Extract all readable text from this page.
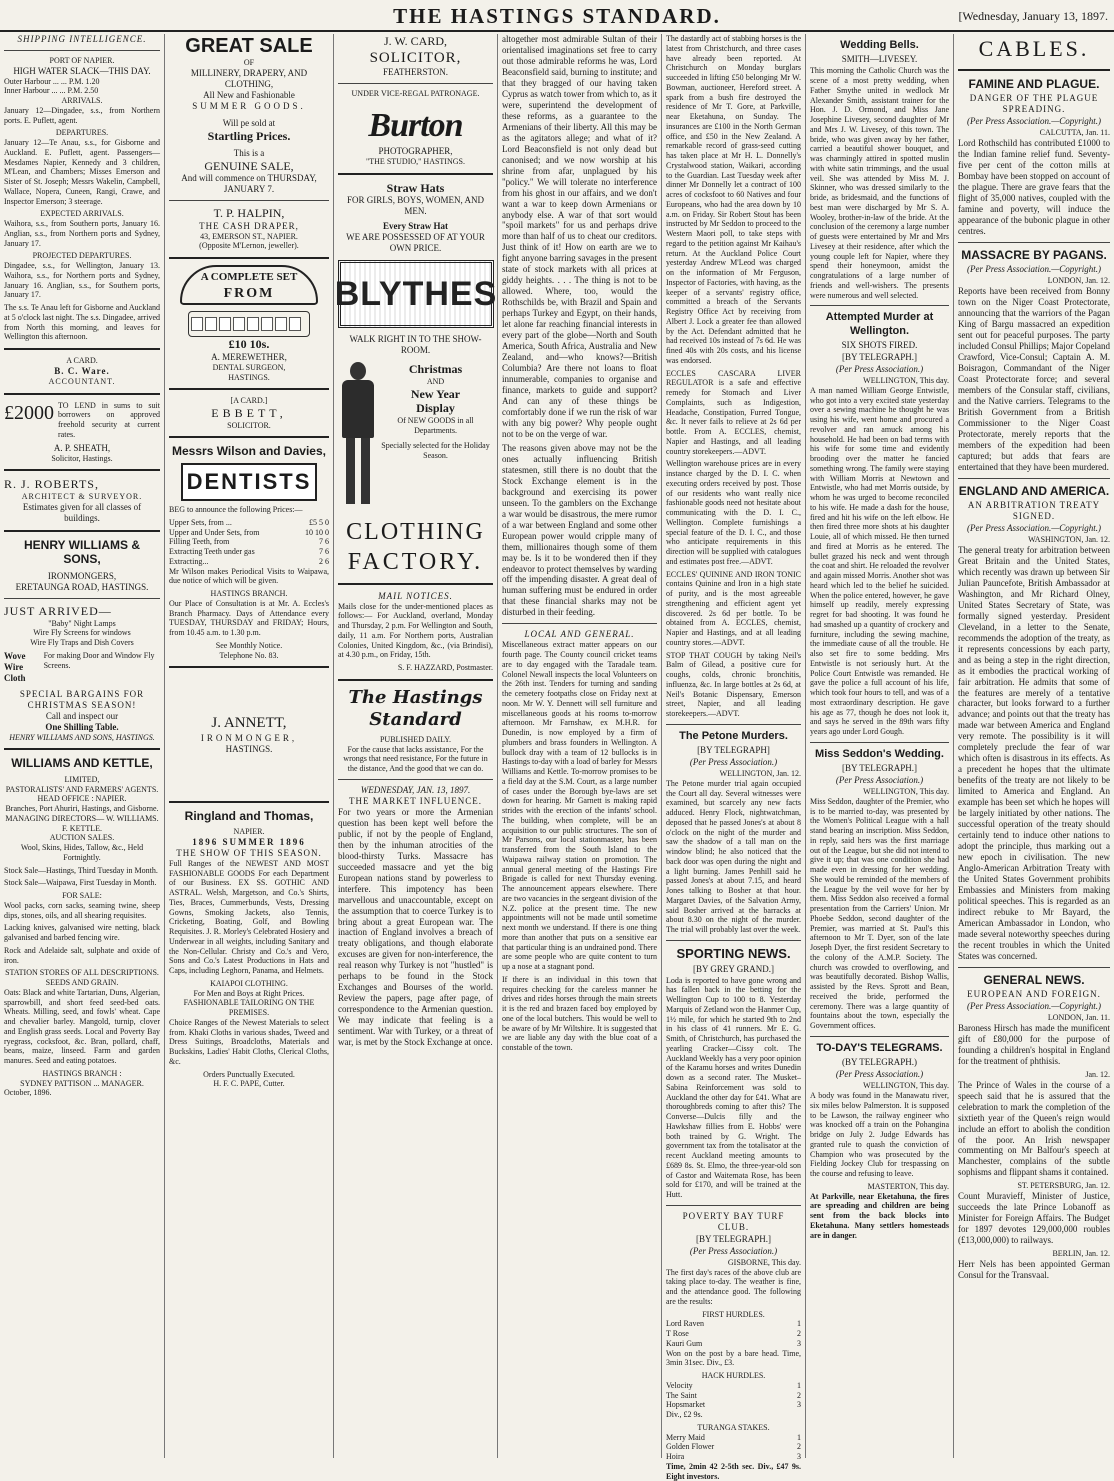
THE HASTINGS STANDARD.	[Wednesday, January 13, 1897.
SHIPPING INTELLIGENCE.
PORT OF NAPIER.
HIGH WATER SLACK—THIS DAY.
Outer Harbour ... ... P.M. 1.20
Inner Harbour ... ... P.M. 2.50
ARRIVALS.

January 12—Dingadee, s.s., from Northern ports. E. Puflett, agent.

DEPARTURES.

January 12—Te Anau, s.s., for Gisborne and Auckland. E. Puflett, agent. Passengers—Mesdames Napier, Kennedy and 3 children, M'Lean, and Chambers; Misses Emerson and Sister of St. Joseph; Messrs Wakelin, Campbell, Wallace, Nopera, Cuneen, Rangi, Crawe, and Inspector Emerson; 3 steerage.

EXPECTED ARRIVALS.

Waihora, s.s., from Southern ports, January 16. Anglian, s.s., from Northern ports and Sydney, January 17.

PROJECTED DEPARTURES.

Dingadee, s.s., for Wellington, January 13. Waihora, s.s., for Northern ports and Sydney, January 16. Anglian, s.s., for Southern ports, January 17.

The s.s. Te Anau left for Gisborne and Auckland at 5 o'clock last night. The s.s. Dingadee, arrived from North this morning, and leaves for Wellington this afternoon.

A CARD.
B. C. Ware.
ACCOUNTANT.
£2000 TO LEND in sums to suit borrowers on approved freehold security at current rates.

A. P. SHEATH,
Solicitor, Hastings.
R. J. ROBERTS,
ARCHITECT & SURVEYOR.
Estimates given for all classes of buildings.
HENRY WILLIAMS & SONS,
IRONMONGERS,
ERETAUNGA ROAD, HASTINGS.
JUST ARRIVED—
"Baby" Night Lamps
Wire Fly Screens for windows
Wire Fly Traps and Dish Covers
Wove Wire
Cloth
For making Door and Window Fly Screens.
SPECIAL BARGAINS FOR CHRISTMAS SEASON!
Call and inspect our
One Shilling Table.
HENRY WILLIAMS AND SONS, HASTINGS.
WILLIAMS AND KETTLE,
LIMITED,
PASTORALISTS' AND FARMERS' AGENTS.
HEAD OFFICE : NAPIER.
Branches, Port Ahuriri, Hastings, and Gisborne.
MANAGING DIRECTORS— W. WILLIAMS. F. KETTLE.
AUCTION SALES.

Wool, Skins, Hides, Tallow, &c., Held Fortnightly.

Stock Sale—Hastings, Third Tuesday in Month.

Stock Sale—Waipawa, First Tuesday in Month.

FOR SALE:

Wool packs, corn sacks, seaming twine, sheep dips, stones, oils, and all shearing requisites.

Lacking knives, galvanised wire netting, black galvanised and barbed fencing wire.

Rock and Adelaide salt, sulphate and oxide of iron.

STATION STORES OF ALL DESCRIPTIONS.
SEEDS AND GRAIN.

Oats: Black and white Tartarian, Duns, Algerian, sparrowbill, and short feed seed-bed oats. Wheats. Milling, seed, and fowls' wheat. Cape and chevalier barley. Mangold, turnip, clover and English grass seeds. Local and Poverty Bay ryegrass, cocksfoot, &c. Bran, pollard, chaff, beans, maize, linseed. Farm and garden manures. Seed and eating potatoes.

HASTINGS BRANCH :
SYDNEY PATTISON ... MANAGER.
October, 1896.
GREAT SALE
OF
MILLINERY, DRAPERY, AND CLOTHING,
All New and Fashionable
SUMMER GOODS.
Will pe sold at
Startling Prices.
This is a
GENUINE SALE,
And will commence on THURSDAY, JANUARY 7.
T. P. HALPIN,
THE CASH DRAPER,
43, EMERSON ST., NAPIER.
(Opposite M'Lernon, jeweller).
A COMPLETE SET
FROM
£10 10s.
A. MEREWETHER,
DENTAL SURGEON,
HASTINGS.
[A CARD.]
EBBETT,
SOLICITOR.
Messrs Wilson and Davies,
DENTISTS

BEG to announce the following Prices:—

Upper Sets, from ...	£5 5 0
Upper and Under Sets, from	10 10 0
Filling Teeth, from	7 6
Extracting Teeth under gas	7 6
Extracting...	2 6

Mr Wilson makes Periodical Visits to Waipawa, due notice of which will be given.

HASTINGS BRANCH.

Our Place of Consultation is at Mr. A. Eccles's Branch Pharmacy. Days of Attendance every TUESDAY, THURSDAY and FRIDAY; Hours, from 10.45 a.m. to 1.30 p.m.

See Monthly Notice.
Telephone No. 83.
J. ANNETT,
IRONMONGER,
HASTINGS.
Ringland and Thomas,
NAPIER.
1896 SUMMER 1896
THE SHOW OF THIS SEASON.

Full Ranges of the NEWEST AND MOST FASHIONABLE GOODS For each Department of our Business. EX SS. GOTHIC AND ASTRAL. Welsh, Margetson, and Co.'s Shirts, Ties, Braces, Cummerbunds, Vests, Dressing Gowns, Smoking Jackets, also Tennis, Cricketing, Boating, Golf, and Bowling Requisites. J. R. Morley's Celebrated Hosiery and Underwear in all weights, including Sanitary and the Non-Cellular. Christy and Co.'s and Vero, Sons and Co.'s Latest Productions in Hats and Caps, including Leghorn, Panama, and Helmets.

KAIAPOI CLOTHING.
For Men and Boys at Right Prices.
FASHIONABLE TAILORING ON THE PREMISES.

Choice Ranges of the Newest Materials to select from. Khaki Cloths in various shades, Tweed and Dress Suitings, Broadcloths, Materials and Buckskins, Ladies' Habit Cloths, Clerical Cloths, &c.

Orders Punctually Executed.
H. F. C. PAPE, Cutter.
J. W. CARD,
SOLICITOR,
FEATHERSTON.
UNDER VICE-REGAL PATRONAGE.
Burton
PHOTOGRAPHER,
"THE STUDIO," HASTINGS.
Straw Hats
FOR GIRLS, BOYS, WOMEN, AND MEN.
Every Straw Hat
WE ARE POSSESSED OF AT YOUR OWN PRICE.
BLYTHES
WALK RIGHT IN TO THE SHOW-ROOM.
Christmas
AND
New Year
Display
Of NEW GOODS in all Departments.
Specially selected for the Holiday Season.
CLOTHING
FACTORY.
MAIL NOTICES.

Mails close for the under-mentioned places as follows:— For Auckland, overland, Monday and Thursday, 2 p.m. For Wellington and South, daily, 11 a.m. For Northern ports, Australian Colonies, United Kingdom, &c., (via Brindisi), at 4.30 p.m., on Friday, 15th.

S. F. HAZZARD, Postmaster.
The Hastings Standard
PUBLISHED DAILY.
For the cause that lacks assistance, For the wrongs that need resistance, For the future in the distance, And the good that we can do.
WEDNESDAY, JAN. 13, 1897.
THE MARKET INFLUENCE.

For two years or more the Armenian question has been kept well before the public, if not by the people of England, then by the inhuman atrocities of the blood-thirsty Turks. Massacre has succeeded massacre and yet the big European nations stand by powerless to interfere. This impotency has been marvellous and unaccountable, except on the assumption that to coerce Turkey is to bring about a great European war. The inaction of England involves a breach of treaty obligations, and though elaborate excuses are given for non-interference, the real reason why Turkey is not "hustled" is perhaps to be found in the Stock Exchanges and Bourses of the world. Review the papers, page after page, of correspondence to the Armenian question. We may indicate that feeling is a sentiment. War with Turkey, or a threat of war, is met by the Stock Exchange at once.

altogether most admirable Sultan of their orientalised imaginations set free to carry out those admirable reforms he was, Lord Beaconsfield said, burning to institute; and that they bragged of our having taken Cyprus as watch tower from which to, as it were, superintend the development of these reforms, as a guarantee to the Armenians of their liberty. All this may be as the agitators allege; and what of it? Lord Beaconsfield is not only dead but canonised; and we now worship at his shrine from afar, unplagued by his "policy." We will tolerate no interference from his ghost in our affairs, and we don't want a war to keep down Armenians or anybody else. A war of that sort would "spoil markets" for us and perhaps drive more than half of us to cheat our creditors. Just think of it! How on earth are we to fight anyone barring savages in the present state of stock markets with all prices at giddy heights. . . . The thing is not to be allowed. Where, too, would the Rothschilds be, with Brazil and Spain and perhaps Turkey and Egypt, on their hands, let alone far reaching financial interests in every part of the globe—North and South America, South Africa, Australia and New Zealand, and—who knows?—British Columbia? Are there not loans to float innumerable, companies to organise and finance, markets to guide and support? And can any of these things be comfortably done if we run the risk of war with any big power? Why people ought not to be on the verge of war.

The reasons given above may not be the ones actually influencing British statesmen, still there is no doubt that the Stock Exchange element is in the background and exercising its power unseen. To the gamblers on the Exchange a war would be disastrous, the mere rumor of a war between England and some other European power would cripple many of them, millionaires though some of them may be. Is it to be wondered then if they endeavor to protect themselves by warding off the impending disaster. A great deal of human suffering must be endured in order that these financial sharks may not be disturbed in their feeding.

LOCAL AND GENERAL.

Miscellaneous extract matter appears on our fourth page. The County council cricket teams are to day engaged with the Taradale team. Colonel Newall inspects the local Volunteers on the 26th inst. Tenders for turning and sanding the cemetery footpaths close on Friday next at noon. Mr W. Y. Dennett will sell furniture and miscellaneous goods at his rooms to-morrow afternoon. Mr Farnshaw, ex M.H.R. for Dunedin, is now employed by a firm of plumbers and brass founders in Wellington. A bullock dray with a team of 12 bullocks is in Hastings to-day with a load of barley for Messrs Williams and Kettle. To-morrow promises to be a field day at the S.M. Court, as a large number of cases under the Borough bye-laws are set down for hearing. Mr Garnett is making rapid strides with the erection of the infants' school. The building, when complete, will be an acquisition to our public structures. The son of Mr Parsons, our local stationmaster, has been transferred from the South Island to the Waipawa railway station on promotion. The annual general meeting of the Hastings Fire Brigade is called for next Thursday evening. The announcement appears elsewhere. There are two vacancies in the sergeant division of the N.Z. police at the present time. The new appointments will not be made until sometime next month we understand. If there is one thing more than another that puts on a sensitive ear that particular thing is an undrained pond. There are some people who are quite content to turn up a nose at a stagnant pond.

If there is an individual in this town that requires checking for the careless manner he drives and rides horses through the main streets it is the red and brazen faced boy employed by one of the local butchers. This would be well to be aware of by Mr Wiltshire. It is suggested that we are liable any day with the blue coat of a constable of the town.

The dastardly act of stabbing horses is the latest from Christchurch, and three cases have already been reported. At Christchurch on Monday burglars succeeded in lifting £50 belonging Mr W. Bowman, auctioneer, Hereford street. A spark from a bush fire destroyed the residence of Mr T. Gore, at Parkville, near Eketahuna, on Sunday. The insurances are £100 in the North German office, and £50 in the New Zealand. A remarkable record of grass-seed cutting has taken place at Mr H. L. Donnelly's Crystalwood station, Waikari, according to the Guardian. Last Tuesday week after dinner Mr Donnelly let a contract of 100 acres of cocksfoot to 60 Natives and four Europeans, who had the area down by 10 a.m. on Friday. Sir Robert Stout has been instructed by Mr Seddon to proceed to the Western Maori poll, to take steps with regard to the petition against Mr Kaihau's return. At the Auckland Police Court yesterday Andrew M'Leod was charged on the information of Mr Ferguson, Inspector of Factories, with having, as the keeper of a servants' registry office, committed a breach of the Servants Registry Office Act by receiving from Albert J. Lock a greater fee than allowed by the Act. Defendant admitted that he had received 10s instead of 7s 6d. He was fined 40s with 20s costs, and his license was endorsed.

ECCLES CASCARA LIVER REGULATOR is a safe and effective remedy for Stomach and Liver Complaints, such as Indigestion, Headache, Constipation, Furred Tongue, &c. It never fails to relieve at 2s 6d per bottle. From A. ECCLES, chemist, Napier and Hastings, and all leading country storekeepers.—ADVT.

Wellington warehouse prices are in every instance charged by the D. I. C. when executing orders received by post. Those of our residents who want really nice fashionable goods need not hesitate about communicating with the D. I. C., Wellington. Complete furnishings a special feature of the D. I. C., and those who anticipate requirements in this direction will be supplied with catalogues and estimates post free.—ADVT.

ECCLES' QUININE AND IRON TONIC contains Quinine and Iron in a high state of purity, and is the most agreeable strengthening and efficient agent yet discovered. 2s 6d per bottle. To be obtained from A. ECCLES, chemist, Napier and Hastings, and at all leading country stores.—ADVT.

STOP THAT COUGH by taking Neil's Balm of Gilead, a positive cure for coughs, colds, chronic bronchitis, influenza, &c. In large bottles at 2s 6d, at Neil's Botanic Dispensary, Emerson street, Napier, and all leading storekeepers.—ADVT.

The Petone Murders.
[BY TELEGRAPH]
(Per Press Association.)
WELLINGTON, Jan. 12.

The Petone murder trial again occupied the Court all day. Several witnesses were examined, but scarcely any new facts adduced. Henry Flock, nightwatchman, deposed that he passed Jones's at about 8 o'clock on the night of the murder and saw the shadow of a tall man on the window blind; he also noticed that the back door was open during the night and a light burning. James Penhill said he passed Jones's at about 7.15, and heard Jones talking to Bosher at that hour. Margaret Davies, of the Salvation Army, said Bosher arrived at the barracks at about 8.30 on the night of the murder. The trial will probably last over the week.

SPORTING NEWS.
[BY GREY GRAND.]

Loda is reported to have gone wrong and has fallen back in the betting for the Wellington Cup to 100 to 8. Yesterday Marquis of Zetland won the Hanmer Cup, 1½ mile, for which he started 9th to 2nd in his class of 41 runners. Mr E. G. Smith, of Christchurch, has purchased the yearling Cracker—Cissy colt. The Auckland Weekly has a very poor opinion of the Karamu horses and writes Dunedin down as a second rater. The Musket–Sabina Reinforcement was sold to Auckland the other day for £41. What are thoroughbreds coming to after this? The Converse—Dulcis filly and the Hawkshaw fillies from E. Hobbs' were both trained by G. Wright. The government tax from the totalisator at the recent Auckland meeting amounts to £689 8s. St. Elmo, the three-year-old son of Castor and Waitemata Rose, has been sold for £170, and will be trained at the Hutt.

POVERTY BAY TURF CLUB.
[BY TELEGRAPH.]
(Per Press Association.)
GISBORNE, This day.

The first day's races of the above club are taking place to-day. The weather is fine, and the attendance good. The following are the results:

FIRST HURDLES.
Lord Raven	1
T Rose	2
Kauri Gum	3

Won on the post by a bare head. Time, 3min 31sec. Div., £3.

HACK HURDLES.
Velocity	1
The Saint	2
Hopsmarket	3

Div., £2 9s.

TURANGA STAKES.
Merry Maid	1
Golden Flower	2
Hoira	3

Time, 2min 42 2-5th sec. Div., £47 9s. Eight investors.

Wedding Bells.
SMITH—LIVESEY.

This morning the Catholic Church was the scene of a most pretty wedding, when Father Smythe united in wedlock Mr Alexander Smith, assistant trainer for the Hon. J. D. Ormond, and Miss Jane Josephine Livesey, second daughter of Mr and Mrs J. W. Livesey, of this town. The bride, who was given away by her father, carried a beautiful shower bouquet, and was charmingly attired in spotted muslin with white satin trimmings, and the usual veil. She was attended by Miss M. J. Skinner, who was dressed similarly to the bride, as bridesmaid, and the functions of best man were discharged by Mr S. A. Wooley, brother-in-law of the bride. At the conclusion of the ceremony a large number of guests were entertained by Mr and Mrs Livesey at their residence, after which the young couple left for Napier, where they spend their honeymoon, amidst the congratulations of a large number of friends and well-wishers. The presents were numerous and well selected.

Attempted Murder at Wellington.
SIX SHOTS FIRED.
[BY TELEGRAPH.]
(Per Press Association.)
WELLINGTON, This day.

A man named William George Entwistle, who got into a very excited state yesterday over a sewing machine he thought he was using his wife, went home and procured a revolver and ran amuck among his household. He had been on bad terms with his wife for some time and evidently brooding over the matter he fancied something wrong. The family were staying with William Morris at Newtown and Entwistle, who had met Morris outside, by whom he was urged to become reconciled to his wife. He made a dash for the house, fired and hit his wife on the left elbow. He then fired three more shots at his daughter Louie, all of which missed. He then turned and fired at Morris as he entered. The bullet grazed his neck and went through the coat and shirt. He reloaded the revolver and again missed Morris. Another shot was heard which led to the belief he suicided. When the police entered, however, he gave himself up readily, merely expressing regret for bad shooting. It was found he had smashed up a quantity of crockery and furniture, including the sewing machine, the immediate cause of all the trouble. He also set fire to some bedding. Mrs Entwistle is not seriously hurt. At the Police Court Entwistle was remanded. He gave the police a full account of his life, which took four hours to tell, and was of a most extraordinary description. He gave his age as 77, though he does not look it, and says he served in the 89th wars fifty years ago under Lord Gough.

Miss Seddon's Wedding.
[BY TELEGRAPH.]
(Per Press Association.)
WELLINGTON, This day.

Miss Seddon, daughter of the Premier, who is to be married to-day, was presented by the Women's Political League with a hall stand bearing an inscription. Miss Seddon, in reply, said hers was the first marriage out of the League, but she did not intend to give it up; that was one condition she had made even in dressing for her wedding. She would be reminded of the members of the League by the veil wove for her by them. Miss Seddon also received a formal presentation from the Carriers' Union. Mr Phoebe Seddon, second daughter of the Premier, was married at St. Paul's this afternoon to Mr T. Dyer, son of the late Joseph Dyer, the first resident Secretary to the colony of the A.M.P. Society. The church was crowded to overflowing, and was beautifully decorated. Bishop Wallis, assisted by the Revs. Sprott and Bean, received the bride, performed the ceremony. There was a large quantity of fountains about the town, especially the Government offices.

TO-DAY'S TELEGRAMS.
(BY TELEGRAPH.)
(Per Press Association.)
WELLINGTON, This day.

A body was found in the Manawatu river, six miles below Palmerston. It is supposed to be Lawson, the railway engineer who was knocked off a train on the Pohangina bridge on July 2. Judge Edwards has granted rule to quash the conviction of Champion who was prosecuted by the Fielding Jockey Club for trespassing on the course and refusing to leave.

MASTERTON, This day.

At Parkville, near Eketahuna, the fires are spreading and children are being sent from the back blocks into Eketahuna. Many settlers homesteads are in danger.

CABLES.
FAMINE AND PLAGUE.
DANGER OF THE PLAGUE SPREADING.
(Per Press Association.—Copyright.)
CALCUTTA, Jan. 11.

Lord Rothschild has contributed £1000 to the Indian famine relief fund. Seventy-five per cent of the cotton mills at Bombay have been stopped on account of the plague. There are grave fears that the flight of 35,000 natives, coupled with the famine and poverty, will induce the appearance of the bubonic plague in other centres.

MASSACRE BY PAGANS.
(Per Press Association.—Copyright.)
LONDON, Jan. 12.

Reports have been received from Bonny town on the Niger Coast Protectorate, announcing that the warriors of the Pagan King of Bargu massacred an expedition sent out for peaceful purposes. The party included Consul Phillips; Major Copeland Crawford, Vice-Consul; Captain A. M. Boisragon, Commandant of the Niger Coast Protectorate force; and several members of the Consular staff, civilians, and the Native carriers. Telegrams to the British Government from a British Commissioner to the Niger Coast Protectorate, merely reports that the members of the expedition had been captured; but adds that fears are entertained that they have been murdered.

ENGLAND AND AMERICA.
AN ARBITRATION TREATY SIGNED.
(Per Press Association.—Copyright.)
WASHINGTON, Jan. 12.

The general treaty for arbitration between Great Britain and the United States, which recently was drawn up between Sir Julian Pauncefote, British Ambassador at Washington, and Mr Richard Olney, United States Secretary of State, was formally signed yesterday. President Cleveland, in a letter to the Senate, recommends the adoption of the treaty, as it represents concessions by each party, and as being a step in the right direction, as it embodies the practical working of fair arbitration. He admits that some of the features are merely of a tentative character, but looks forward to a further advance; and points out that the treaty has made war between America and England very remote. The possibility is it will completely preclude the fear of war which often is disastrous in its effects. As a precedent he hopes that the ultimate benefits of the treaty are not likely to be limited to America and England. An example has been set which he hopes will be largely initiated by other nations. The successful operation of the treaty should certainly tend to induce other nations to adopt the principle, thus marking out a new epoch in civilisation. The new Anglo-American Arbitration Treaty with the United States Government prohibits Embassies and Ministers from making political speeches. This is regarded as an indirect rebuke to Mr Bayard, the American Ambassador in London, who made several noteworthy speeches during the recent troubles in which the United States was concerned.

GENERAL NEWS.
EUROPEAN AND FOREIGN.
(Per Press Association.—Copyright.)
LONDON, Jan. 11.

Baroness Hirsch has made the munificent gift of £80,000 for the purpose of founding a children's hospital in England for the treatment of phthisis.

Jan. 12.

The Prince of Wales in the course of a speech said that he is assured that the celebration to mark the completion of the sixtieth year of the Queen's reign would include an effort to abolish the condition of the poor. An Irish newspaper commenting on Mr Balfour's speech at Manchester, complains of the subtle sophisms and flippant shams it contained.

ST. PETERSBURG, Jan. 12.

Count Muravieff, Minister of Justice, succeeds the late Prince Lobanoff as Minister for Foreign Affairs. The Budget for 1897 devotes 129,000,000 roubles (£13,000,000) to railways.

BERLIN, Jan. 12.

Herr Nels has been appointed German Consul for the Transvaal.
